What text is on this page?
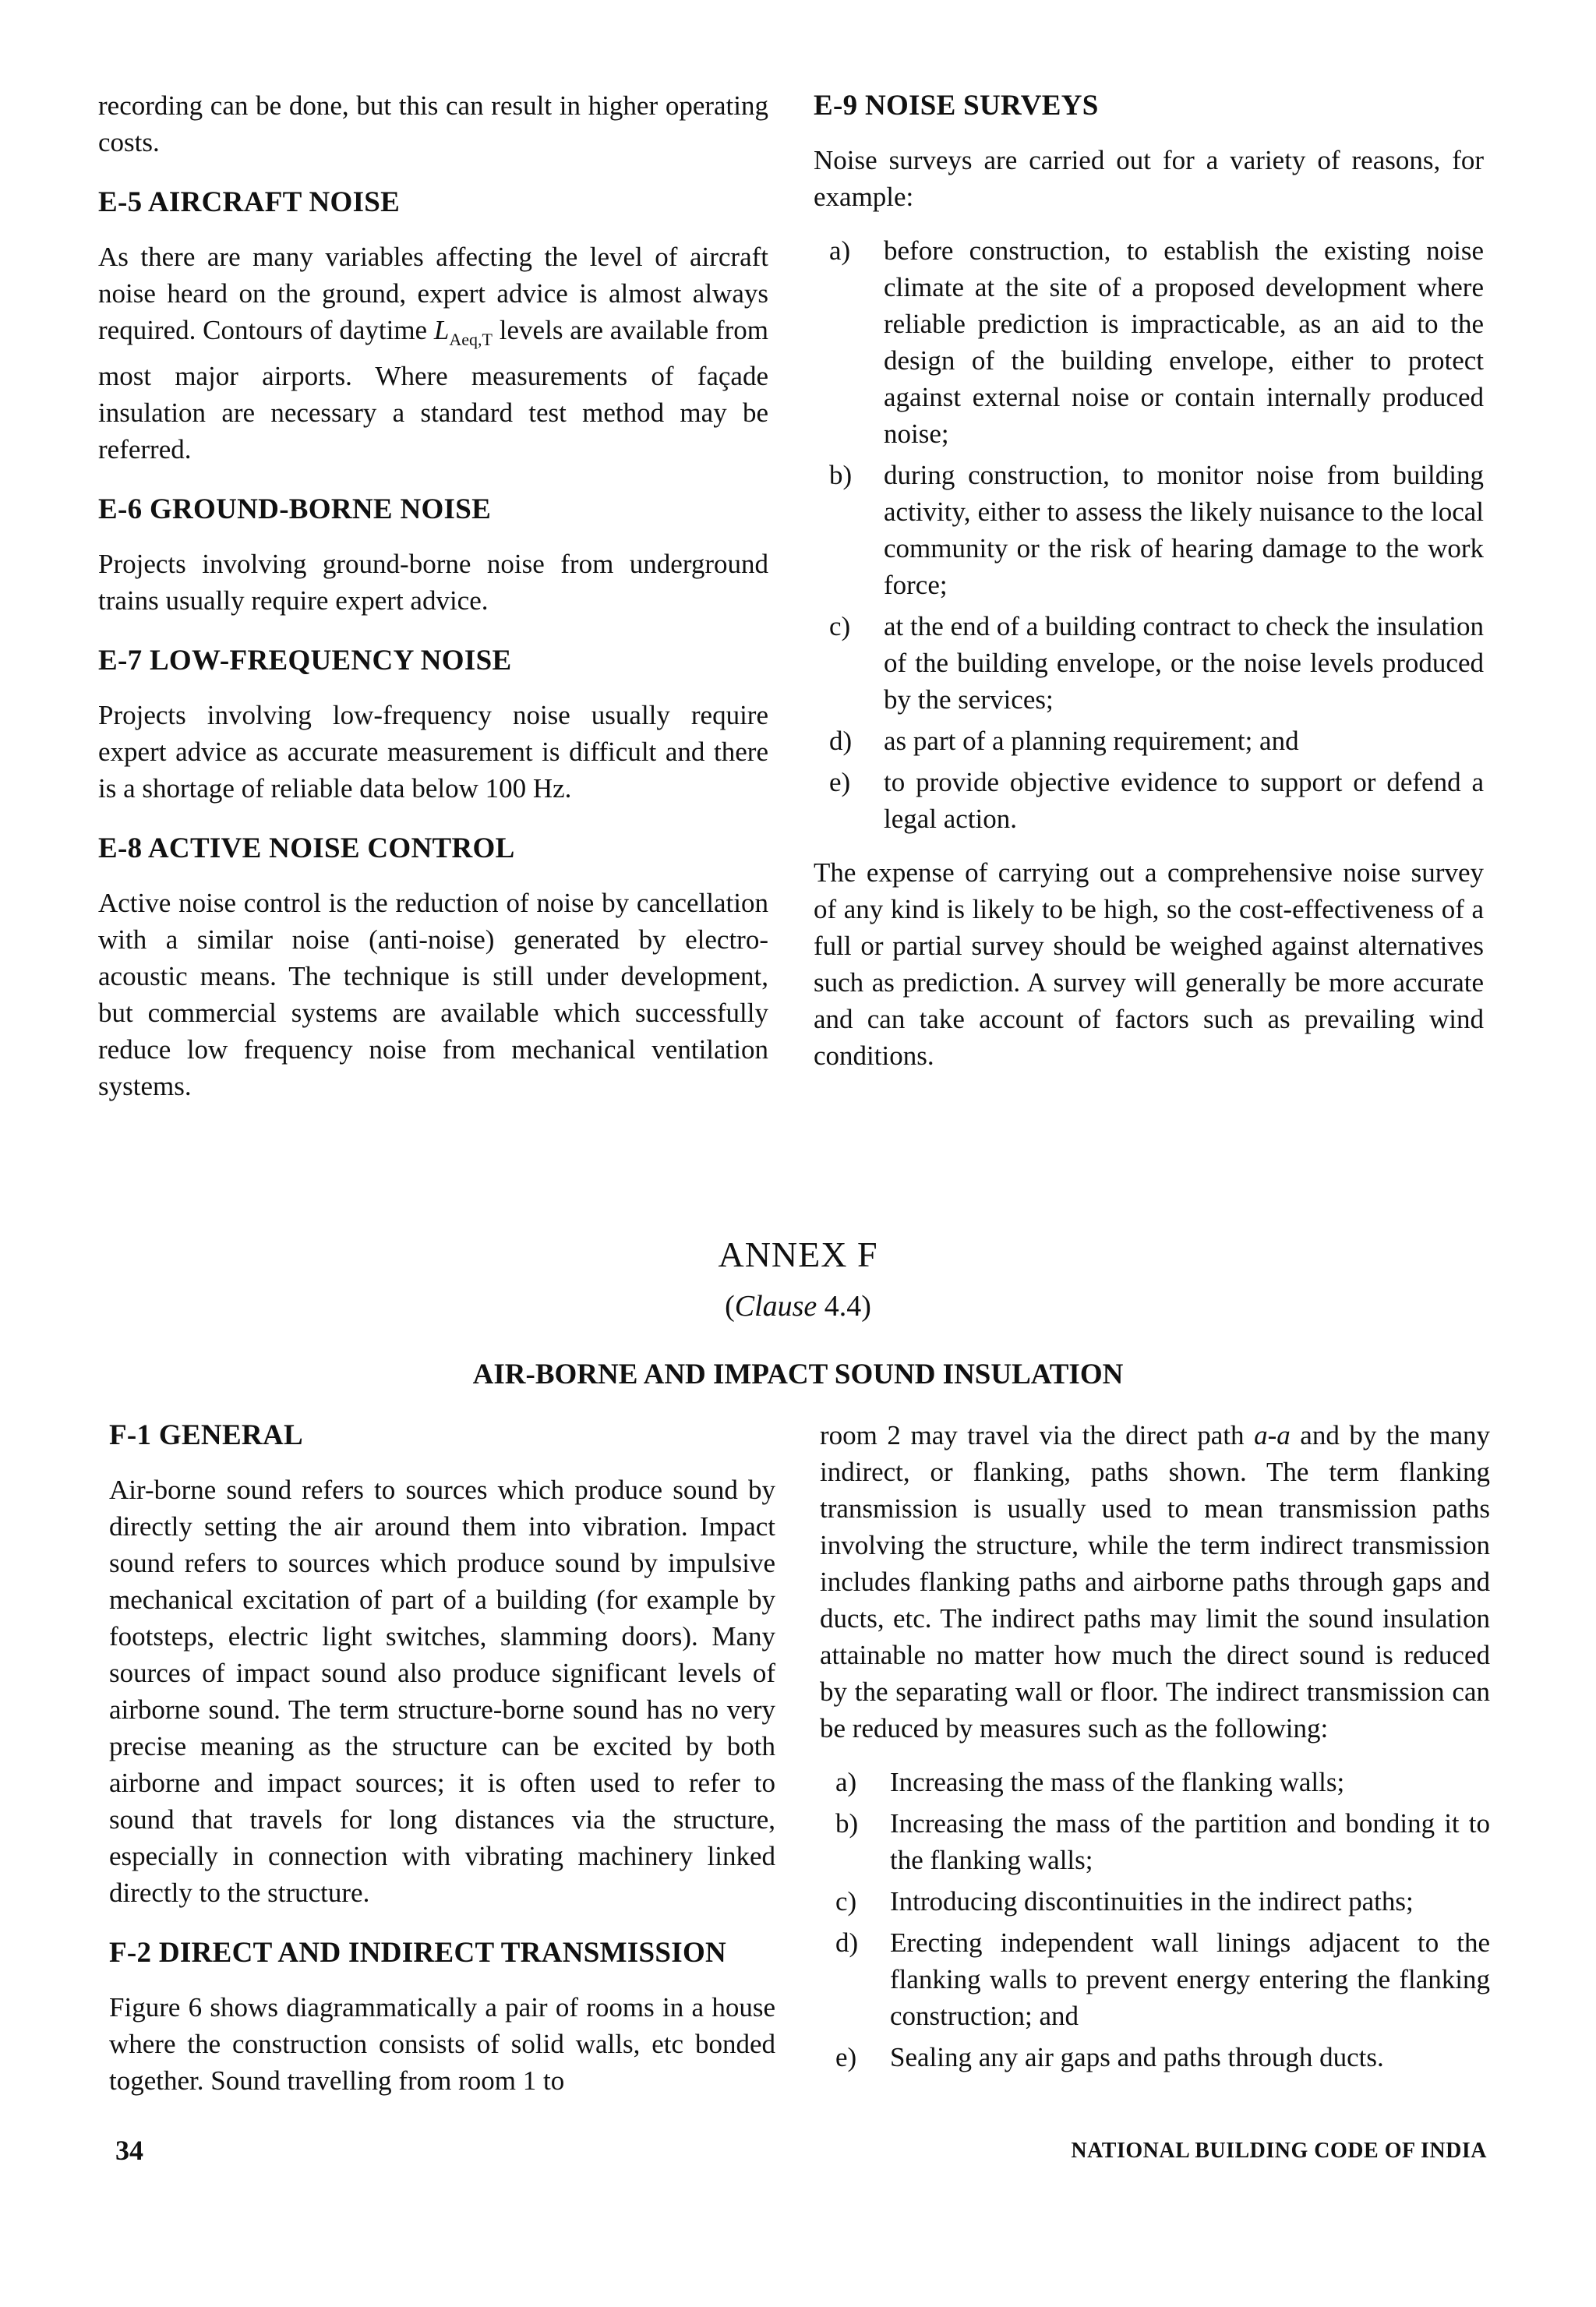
recording can be done, but this can result in higher operating costs.

E-5 AIRCRAFT NOISE

As there are many variables affecting the level of aircraft noise heard on the ground, expert advice is almost always required. Contours of daytime $L_{Aeq,T}$ levels are available from most major airports. Where measurements of façade insulation are necessary a standard test method may be referred.

E-6 GROUND-BORNE NOISE

Projects involving ground-borne noise from underground trains usually require expert advice.

E-7 LOW-FREQUENCY NOISE

Projects involving low-frequency noise usually require expert advice as accurate measurement is difficult and there is a shortage of reliable data below 100 Hz.

E-8 ACTIVE NOISE CONTROL

Active noise control is the reduction of noise by cancellation with a similar noise (anti-noise) generated by electro-acoustic means. The technique is still under development, but commercial systems are available which successfully reduce low frequency noise from mechanical ventilation systems.

E-9 NOISE SURVEYS

Noise surveys are carried out for a variety of reasons, for example:

a)	before construction, to establish the existing noise climate at the site of a proposed development where reliable prediction is impracticable, as an aid to the design of the building envelope, either to protect against external noise or contain internally produced noise;
b)	during construction, to monitor noise from building activity, either to assess the likely nuisance to the local community or the risk of hearing damage to the work force;
c)	at the end of a building contract to check the insulation of the building envelope, or the noise levels produced by the services;
d)	as part of a planning requirement; and
e)	to provide objective evidence to support or defend a legal action.

The expense of carrying out a comprehensive noise survey of any kind is likely to be high, so the cost-effectiveness of a full or partial survey should be weighed against alternatives such as prediction. A survey will generally be more accurate and can take account of factors such as prevailing wind conditions.

ANNEX F
(Clause 4.4)
AIR-BORNE AND IMPACT SOUND INSULATION
F-1 GENERAL

Air-borne sound refers to sources which produce sound by directly setting the air around them into vibration. Impact sound refers to sources which produce sound by impulsive mechanical excitation of part of a building (for example by footsteps, electric light switches, slamming doors). Many sources of impact sound also produce significant levels of airborne sound. The term structure-borne sound has no very precise meaning as the structure can be excited by both airborne and impact sources; it is often used to refer to sound that travels for long distances via the structure, especially in connection with vibrating machinery linked directly to the structure.

F-2 DIRECT AND INDIRECT TRANSMISSION

Figure 6 shows diagrammatically a pair of rooms in a house where the construction consists of solid walls, etc bonded together. Sound travelling from room 1 to

room 2 may travel via the direct path a-a and by the many indirect, or flanking, paths shown. The term flanking transmission is usually used to mean transmission paths involving the structure, while the term indirect transmission includes flanking paths and airborne paths through gaps and ducts, etc. The indirect paths may limit the sound insulation attainable no matter how much the direct sound is reduced by the separating wall or floor. The indirect transmission can be reduced by measures such as the following:

a)	Increasing the mass of the flanking walls;
b)	Increasing the mass of the partition and bonding it to the flanking walls;
c)	Introducing discontinuities in the indirect paths;
d)	Erecting independent wall linings adjacent to the flanking walls to prevent energy entering the flanking construction; and
e)	Sealing any air gaps and paths through ducts.
34	NATIONAL BUILDING CODE OF INDIA
